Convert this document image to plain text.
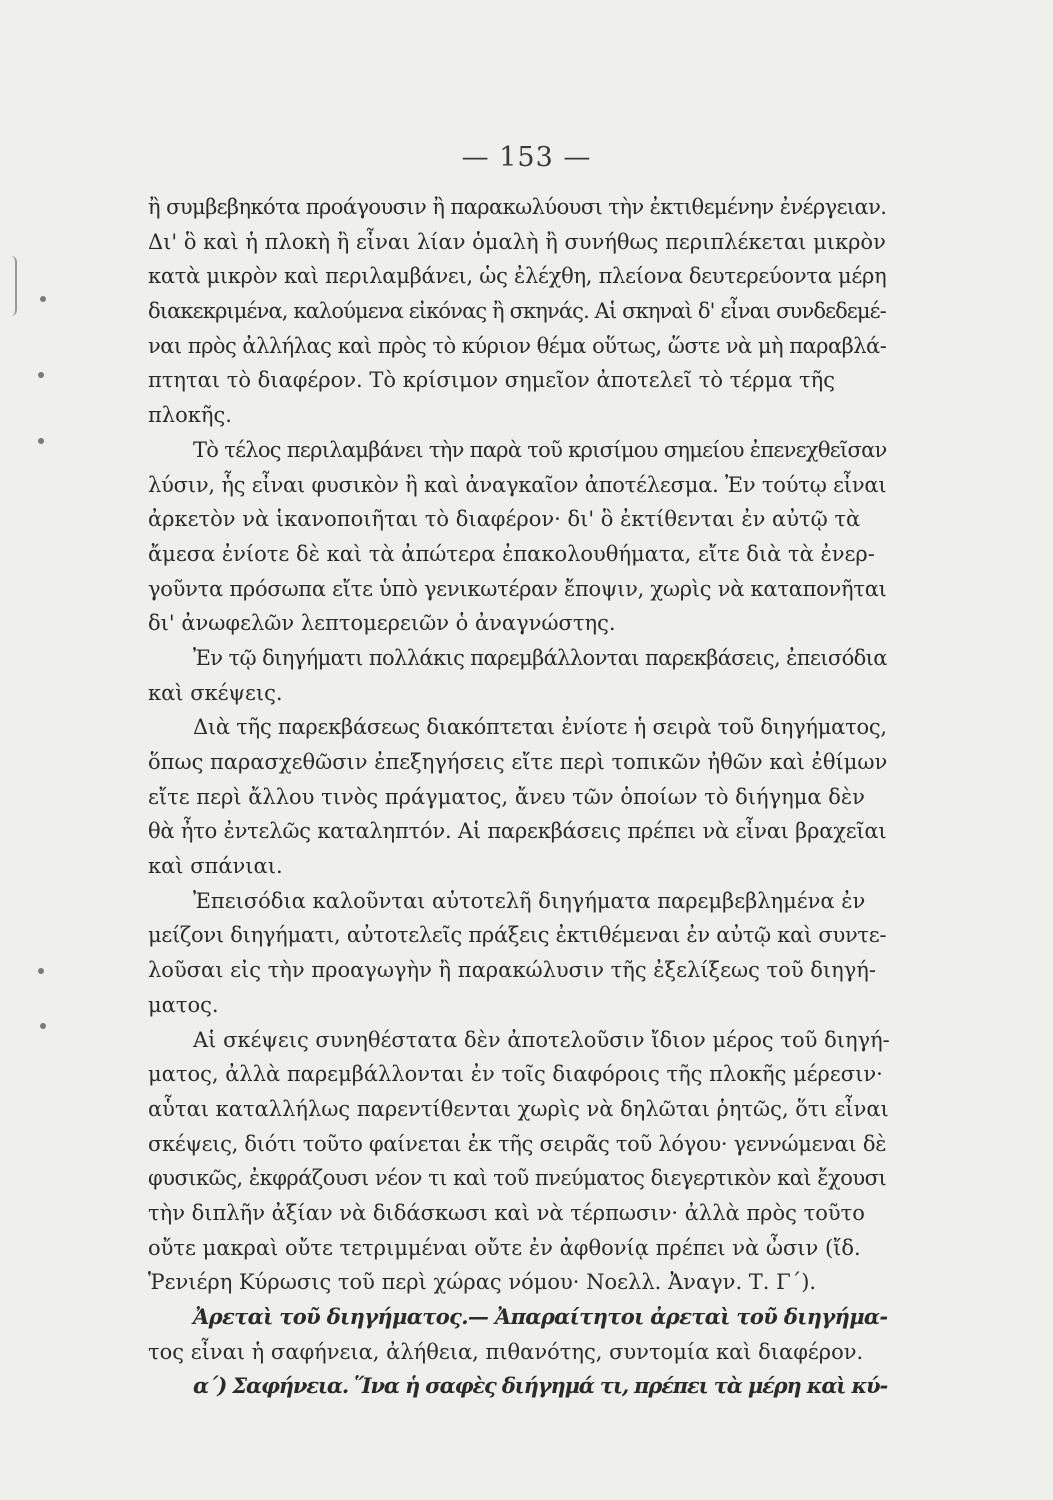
— 153 —
ἢ συμβεβηκότα προάγουσιν ἢ παρακωλύουσι τὴν ἐκτιθεμένην ἐνέργειαν.
Δι' ὃ καὶ ἡ πλοκὴ ἢ εἶναι λίαν ὁμαλὴ ἢ συνήθως περιπλέκεται μικρὸν
κατὰ μικρὸν καὶ περιλαμβάνει, ὡς ἐλέχθη, πλείονα δευτερεύοντα μέρη
διακεκριμένα, καλούμενα εἰκόνας ἢ σκηνάς. Αἱ σκηναὶ δ' εἶναι συνδεδεμέ-
ναι πρὸς ἀλλήλας καὶ πρὸς τὸ κύριον θέμα οὕτως, ὥστε νὰ μὴ παραβλά-
πτηται τὸ διαφέρον. Τὸ κρίσιμον σημεῖον ἀποτελεῖ τὸ τέρμα τῆς
πλοκῆς.
Τὸ τέλος περιλαμβάνει τὴν παρὰ τοῦ κρισίμου σημείου ἐπενεχθεῖσαν
λύσιν, ἧς εἶναι φυσικὸν ἢ καὶ ἀναγκαῖον ἀποτέλεσμα. Ἐν τούτῳ εἶναι
ἀρκετὸν νὰ ἱκανοποιῆται τὸ διαφέρον· δι' ὃ ἐκτίθενται ἐν αὐτῷ τὰ
ἄμεσα ἐνίοτε δὲ καὶ τὰ ἀπώτερα ἐπακολουθήματα, εἴτε διὰ τὰ ἐνερ-
γοῦντα πρόσωπα εἴτε ὑπὸ γενικωτέραν ἔποψιν, χωρὶς νὰ καταπονῆται
δι' ἀνωφελῶν λεπτομερειῶν ὁ ἀναγνώστης.
Ἐν τῷ διηγήματι πολλάκις παρεμβάλλονται παρεκβάσεις, ἐπεισόδια
καὶ σκέψεις.
Διὰ τῆς παρεκβάσεως διακόπτεται ἐνίοτε ἡ σειρὰ τοῦ διηγήματος,
ὅπως παρασχεθῶσιν ἐπεξηγήσεις εἴτε περὶ τοπικῶν ἠθῶν καὶ ἐθίμων
εἴτε περὶ ἄλλου τινὸς πράγματος, ἄνευ τῶν ὁποίων τὸ διήγημα δὲν
θὰ ἦτο ἐντελῶς καταληπτόν. Αἱ παρεκβάσεις πρέπει νὰ εἶναι βραχεῖαι
καὶ σπάνιαι.
Ἐπεισόδια καλοῦνται αὐτοτελῆ διηγήματα παρεμβεβλημένα ἐν
μείζονι διηγήματι, αὐτοτελεῖς πράξεις ἐκτιθέμεναι ἐν αὐτῷ καὶ συντε-
λοῦσαι εἰς τὴν προαγωγὴν ἢ παρακώλυσιν τῆς ἐξελίξεως τοῦ διηγή-
ματος.
Αἱ σκέψεις συνηθέστατα δὲν ἀποτελοῦσιν ἴδιον μέρος τοῦ διηγή-
ματος, ἀλλὰ παρεμβάλλονται ἐν τοῖς διαφόροις τῆς πλοκῆς μέρεσιν·
αὗται καταλλήλως παρεντίθενται χωρὶς νὰ δηλῶται ῥητῶς, ὅτι εἶναι
σκέψεις, διότι τοῦτο φαίνεται ἐκ τῆς σειρᾶς τοῦ λόγου· γεννώμεναι δὲ
φυσικῶς, ἐκφράζουσι νέον τι καὶ τοῦ πνεύματος διεγερτικὸν καὶ ἔχουσι
τὴν διπλῆν ἀξίαν νὰ διδάσκωσι καὶ νὰ τέρπωσιν· ἀλλὰ πρὸς τοῦτο
οὔτε μακραὶ οὔτε τετριμμέναι οὔτε ἐν ἀφθονίᾳ πρέπει νὰ ὦσιν (ἴδ.
Ῥενιέρη Κύρωσις τοῦ περὶ χώρας νόμου· Νοελλ. Ἀναγν. Τ. Γ΄).
Ἀρεταὶ τοῦ διηγήματος.— Ἀπαραίτητοι ἀρεταὶ τοῦ διηγήμα-
τος εἶναι ἡ σαφήνεια, ἀλήθεια, πιθανότης, συντομία καὶ διαφέρον.
α΄) Σαφήνεια. Ἵνα ἡ σαφὲς διήγημά τι, πρέπει τὰ μέρη καὶ κύ-
